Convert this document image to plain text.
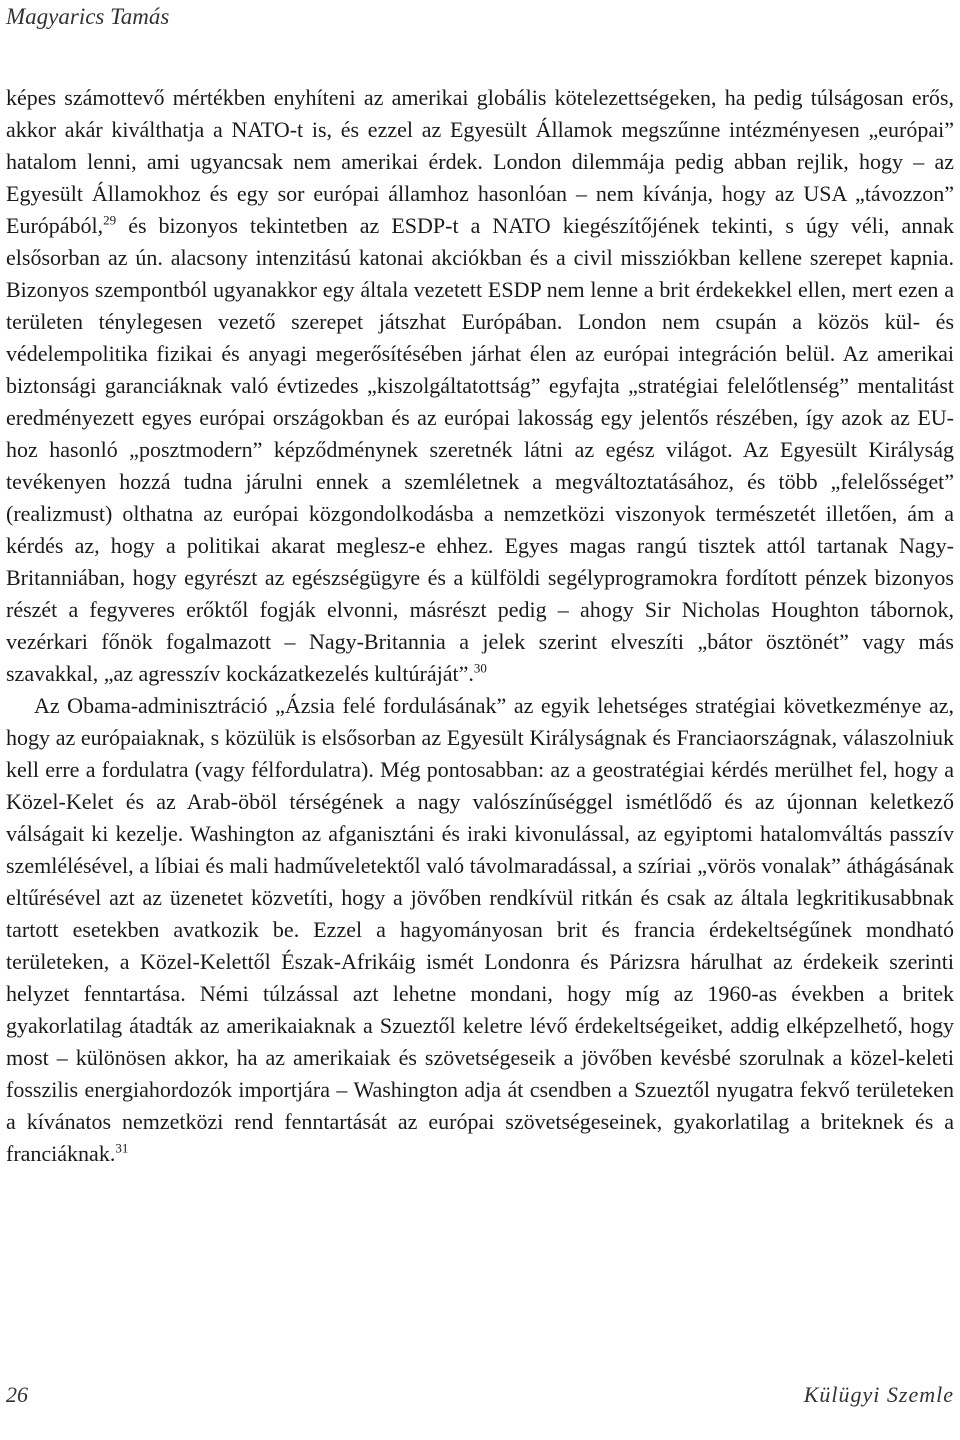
Magyarics Tamás

képes számottevő mértékben enyhíteni az amerikai globális kötelezettségeken, ha pedig túlságosan erős, akkor akár kiválthatja a NATO-t is, és ezzel az Egyesült Államok megszűnne intézményesen „európai” hatalom lenni, ami ugyancsak nem amerikai érdek. London dilemmája pedig abban rejlik, hogy – az Egyesült Államokhoz és egy sor európai államhoz hasonlóan – nem kívánja, hogy az USA „távozzon” Európából,$^{29}$ és bizonyos tekintetben az ESDP-t a NATO kiegészítőjének tekinti, s úgy véli, annak elsősorban az ún. alacsony intenzitású katonai akciókban és a civil missziókban kellene szerepet kapnia. Bizonyos szempontból ugyanakkor egy általa vezetett ESDP nem lenne a brit érdekekkel ellen, mert ezen a területen ténylegesen vezető szerepet játszhat Európában. London nem csupán a közös kül- és védelempolitika fizikai és anyagi megerősítésében járhat élen az európai integráción belül. Az amerikai biztonsági garanciáknak való évtizedes „kiszolgáltatottság” egyfajta „stratégiai felelőtlenség” mentalitást eredményezett egyes európai országokban és az európai lakosság egy jelentős részében, így azok az EU-hoz hasonló „posztmodern” képződménynek szeretnék látni az egész világot. Az Egyesült Királyság tevékenyen hozzá tudna járulni ennek a szemléletnek a megváltoztatásához, és több „felelősséget” (realizmust) olthatna az európai közgondolkodásba a nemzetközi viszonyok természetét illetően, ám a kérdés az, hogy a politikai akarat meglesz-e ehhez. Egyes magas rangú tisztek attól tartanak Nagy-Britanniában, hogy egyrészt az egészségügyre és a külföldi segélyprogramokra fordított pénzek bizonyos részét a fegyveres erőktől fogják elvonni, másrészt pedig – ahogy Sir Nicholas Houghton tábornok, vezérkari főnök fogalmazott – Nagy-Britannia a jelek szerint elveszíti „bátor ösztönét” vagy más szavakkal, „az agresszív kockázatkezelés kultúráját”.$^{30}$

Az Obama-adminisztráció „Ázsia felé fordulásának” az egyik lehetséges stratégiai következménye az, hogy az európaiaknak, s közülük is elsősorban az Egyesült Királyságnak és Franciaországnak, válaszolniuk kell erre a fordulatra (vagy félfordulatra). Még pontosabban: az a geostratégiai kérdés merülhet fel, hogy a Közel-Kelet és az Arab-öböl térségének a nagy valószínűséggel ismétlődő és az újonnan keletkező válságait ki kezelje. Washington az afganisztáni és iraki kivonulással, az egyiptomi hatalomváltás passzív szemlélésével, a líbiai és mali hadműveletektől való távolmaradással, a szíriai „vörös vonalak” áthágásának eltűrésével azt az üzenetet közvetíti, hogy a jövőben rendkívül ritkán és csak az általa legkritikusabbnak tartott esetekben avatkozik be. Ezzel a hagyományosan brit és francia érdekeltségűnek mondható területeken, a Közel-Kelettől Észak-Afrikáig ismét Londonra és Párizsra hárulhat az érdekeik szerinti helyzet fenntartása. Némi túlzással azt lehetne mondani, hogy míg az 1960-as években a britek gyakorlatilag átadták az amerikaiaknak a Szueztől keletre lévő érdekeltségeiket, addig elképzelhető, hogy most – különösen akkor, ha az amerikaiak és szövetségeseik a jövőben kevésbé szorulnak a közel-keleti fosszilis energiahordozók importjára – Washington adja át csendben a Szueztől nyugatra fekvő területeken a kívánatos nemzetközi rend fenntartását az európai szövetségeseinek, gyakorlatilag a briteknek és a franciáknak.$^{31}$

26	Külügyi Szemle
